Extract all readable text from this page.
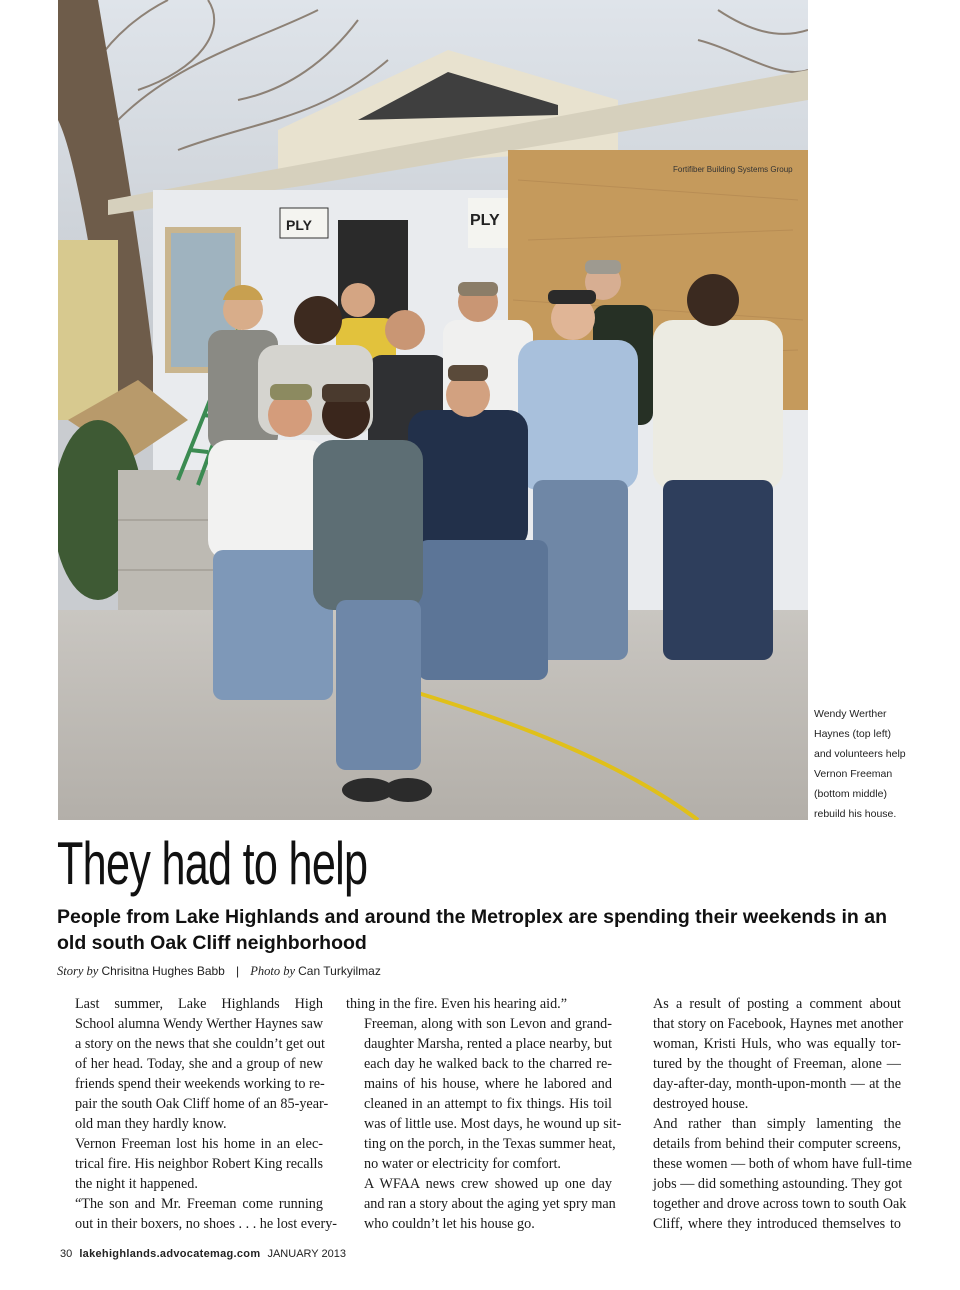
PLY	PLY
Fortifiber Building Systems Group
Wendy Werther
Haynes (top left)
and volunteers help
Vernon Freeman
(bottom middle)
rebuild his house.
They had to help

People from Lake Highlands and around the Metroplex are spending their weekends in an old south Oak Cliff neighborhood

Story by Chrisitna Hughes Babb | Photo by Can Turkyilmaz

Last summer, Lake Highlands High
School alumna Wendy Werther Haynes saw
a story on the news that she couldn’t get out
of her head. Today, she and a group of new
friends spend their weekends working to re-
pair the south Oak Cliff home of an 85-year-
old man they hardly know.

Vernon Freeman lost his home in an elec-
trical fire. His neighbor Robert King recalls
the night it happened.

“The son and Mr. Freeman come running
out in their boxers, no shoes . . . he lost every-

thing in the fire. Even his hearing aid.”

Freeman, along with son Levon and grand-
daughter Marsha, rented a place nearby, but
each day he walked back to the charred re-
mains of his house, where he labored and
cleaned in an attempt to fix things. His toil
was of little use. Most days, he wound up sit-
ting on the porch, in the Texas summer heat,
no water or electricity for comfort.

A WFAA news crew showed up one day
and ran a story about the aging yet spry man
who couldn’t let his house go.

As a result of posting a comment about
that story on Facebook, Haynes met another
woman, Kristi Huls, who was equally tor-
tured by the thought of Freeman, alone —
day-after-day, month-upon-month — at the
destroyed house.

And rather than simply lamenting the
details from behind their computer screens,
these women — both of whom have full-time
jobs — did something astounding. They got
together and drove across town to south Oak
Cliff, where they introduced themselves to

30 lakehighlands.advocatemag.com JANUARY 2013
